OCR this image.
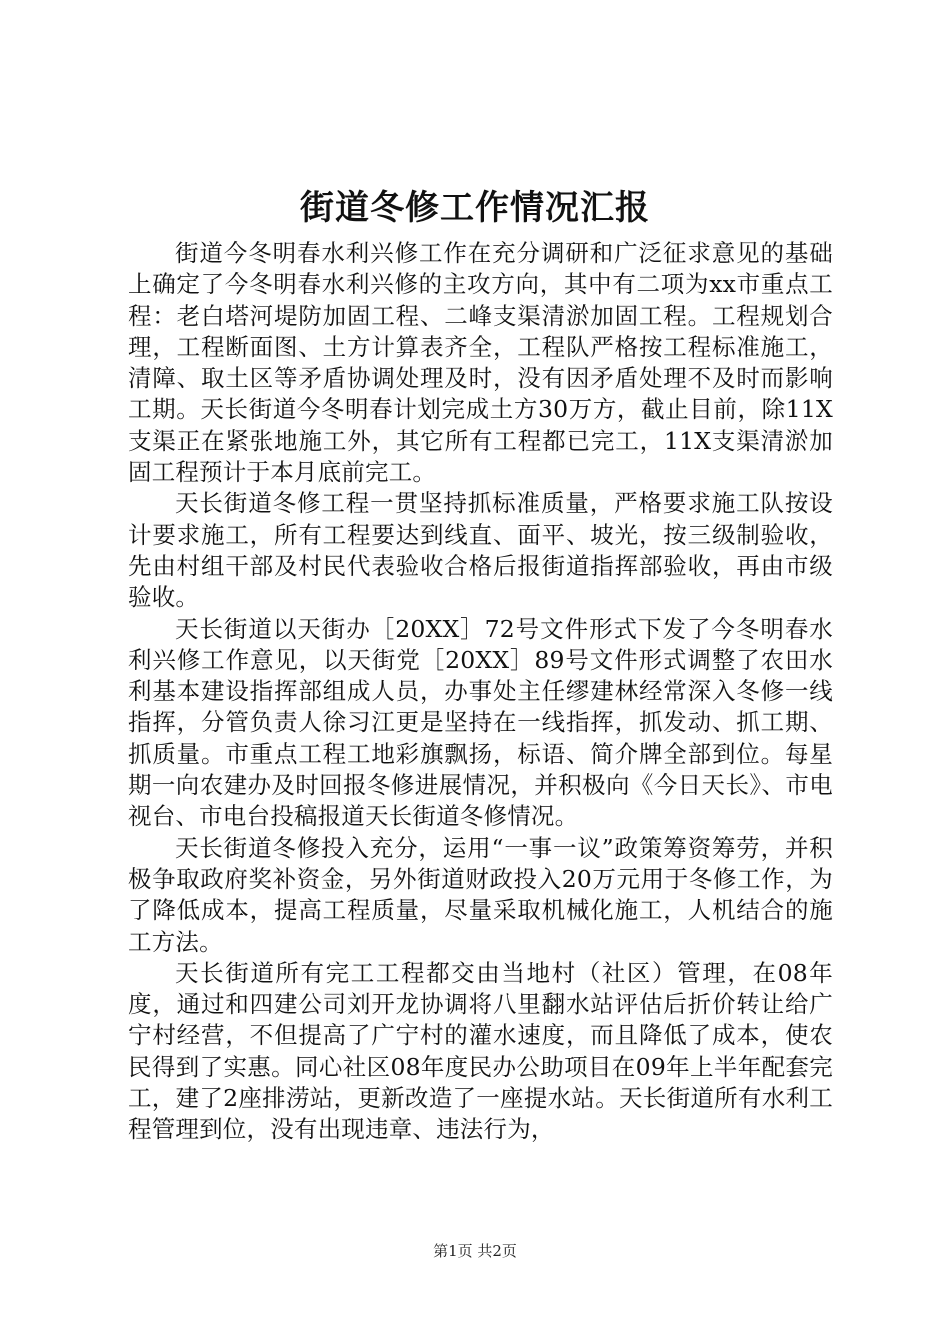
街道冬修工作情况汇报

街道今冬明春水利兴修工作在充分调研和广泛征求意见的基础上确定了今冬明春水利兴修的主攻方向，其中有二项为xx市重点工程：老白塔河堤防加固工程、二峰支渠清淤加固工程。工程规划合理，工程断面图、土方计算表齐全，工程队严格按工程标准施工，清障、取土区等矛盾协调处理及时，没有因矛盾处理不及时而影响工期。天长街道今冬明春计划完成土方30万方，截止目前，除11X支渠正在紧张地施工外，其它所有工程都已完工，11X支渠清淤加固工程预计于本月底前完工。

天长街道冬修工程一贯坚持抓标准质量，严格要求施工队按设计要求施工，所有工程要达到线直、面平、坡光，按三级制验收，先由村组干部及村民代表验收合格后报街道指挥部验收，再由市级验收。

天长街道以天街办［20XX］72号文件形式下发了今冬明春水利兴修工作意见，以天街党［20XX］89号文件形式调整了农田水利基本建设指挥部组成人员，办事处主任缪建林经常深入冬修一线指挥，分管负责人徐习江更是坚持在一线指挥，抓发动、抓工期、抓质量。市重点工程工地彩旗飘扬，标语、简介牌全部到位。每星期一向农建办及时回报冬修进展情况，并积极向《今日天长》、市电视台、市电台投稿报道天长街道冬修情况。

天长街道冬修投入充分，运用“一事一议”政策筹资筹劳，并积极争取政府奖补资金，另外街道财政投入20万元用于冬修工作，为了降低成本，提高工程质量，尽量采取机械化施工，人机结合的施工方法。

天长街道所有完工工程都交由当地村（社区）管理，在08年度，通过和四建公司刘开龙协调将八里翻水站评估后折价转让给广宁村经营，不但提高了广宁村的灌水速度，而且降低了成本，使农民得到了实惠。同心社区08年度民办公助项目在09年上半年配套完工，建了2座排涝站，更新改造了一座提水站。天长街道所有水利工程管理到位，没有出现违章、违法行为，

第1页 共2页
